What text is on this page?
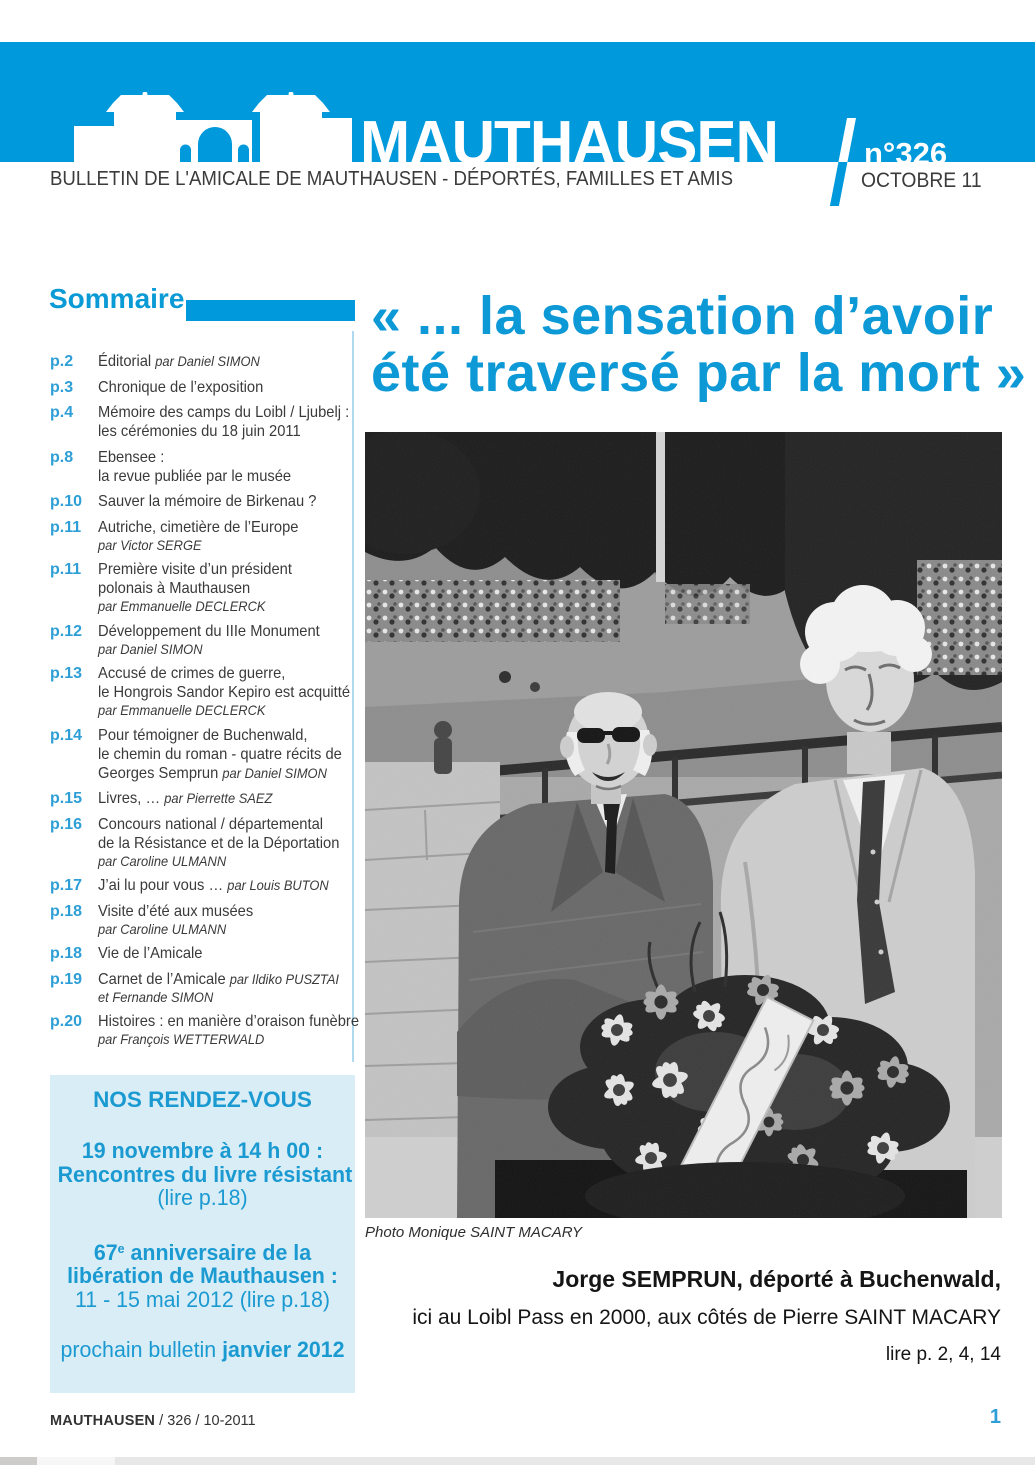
MAUTHAUSEN	n°326
BULLETIN DE L'AMICALE DE MAUTHAUSEN - DÉPORTÉS, FAMILLES ET AMIS	OCTOBRE 11
Sommaire
p.2	Éditorial par Daniel SIMON
p.3	Chronique de l’exposition
p.4	Mémoire des camps du Loibl / Ljubelj :
les cérémonies du 18 juin 2011
p.8	Ebensee :
la revue publiée par le musée
p.10 Sauver la mémoire de Birkenau ?
p.11	Autriche, cimetière de l’Europe
par Victor SERGE
p.11	Première visite d’un président
polonais à Mauthausen
par Emmanuelle DECLERCK
p.12 Développement du IIIe Monument
par Daniel SIMON
p.13 Accusé de crimes de guerre,
le Hongrois Sandor Kepiro est acquitté
par Emmanuelle DECLERCK
p.14 Pour témoigner de Buchenwald,
le chemin du roman - quatre récits de
Georges Semprun par Daniel SIMON
p.15 Livres, … par Pierrette SAEZ
p.16 Concours national / départemental
de la Résistance et de la Déportation
par Caroline ULMANN
p.17 J’ai lu pour vous … par Louis BUTON
p.18 Visite d’été aux musées
par Caroline ULMANN
p.18 Vie de l’Amicale
p.19 Carnet de l’Amicale par Ildiko PUSZTAI
et Fernande SIMON
p.20 Histoires : en manière d’oraison funèbre
par François WETTERWALD
NOS RENDEZ-VOUS
19 novembre à 14 h 00 :
Rencontres du livre résistant
(lire p.18)
67e anniversaire de la
libération de Mauthausen :
11 - 15 mai 2012 (lire p.18)
prochain bulletin janvier 2012
« ... la sensation d’avoir
été traversé par la mort »
Photo Monique SAINT MACARY
Jorge SEMPRUN, déporté à Buchenwald,
ici au Loibl Pass en 2000, aux côtés de Pierre SAINT MACARY
lire p. 2, 4, 14
MAUTHAUSEN / 326 / 10-2011	1
